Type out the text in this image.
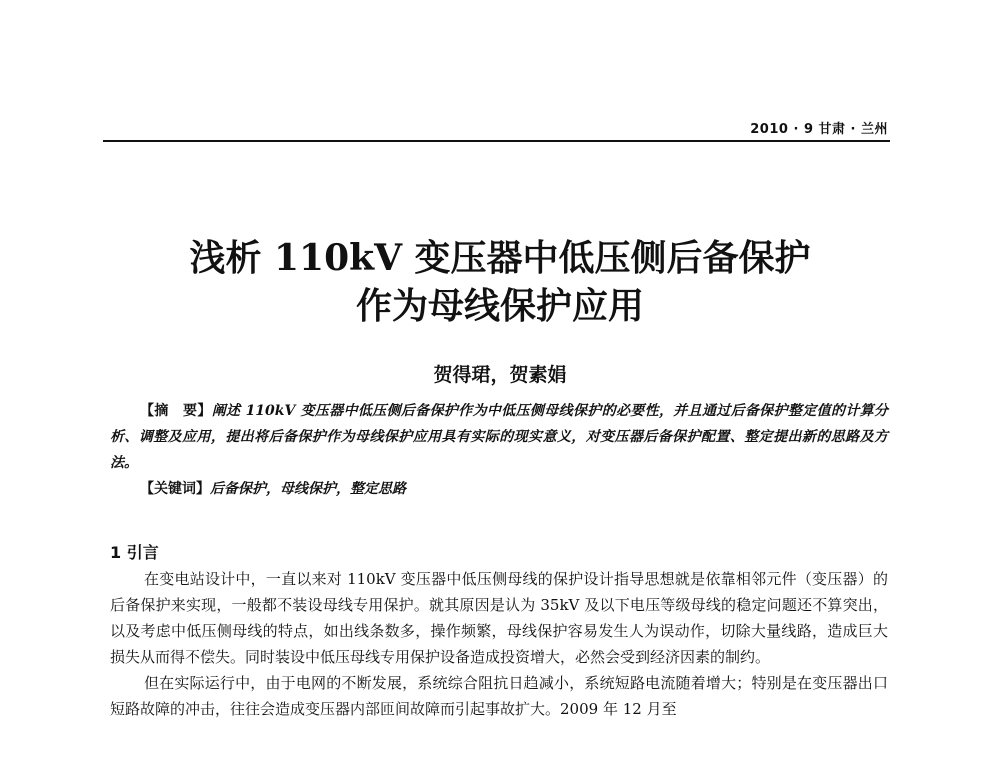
2010 · 9 甘肃 · 兰州
浅析 110kV 变压器中低压侧后备保护
作为母线保护应用
贺得珺，贺素娟

【摘　要】阐述 110kV 变压器中低压侧后备保护作为中低压侧母线保护的必要性，并且通过后备保护整定值的计算分析、调整及应用，提出将后备保护作为母线保护应用具有实际的现实意义，对变压器后备保护配置、整定提出新的思路及方法。

【关键词】后备保护，母线保护，整定思路

1 引言

在变电站设计中，一直以来对 110kV 变压器中低压侧母线的保护设计指导思想就是依靠相邻元件（变压器）的后备保护来实现，一般都不装设母线专用保护。就其原因是认为 35kV 及以下电压等级母线的稳定问题还不算突出，以及考虑中低压侧母线的特点，如出线条数多，操作频繁，母线保护容易发生人为误动作，切除大量线路，造成巨大损失从而得不偿失。同时装设中低压母线专用保护设备造成投资增大，必然会受到经济因素的制约。

但在实际运行中，由于电网的不断发展，系统综合阻抗日趋减小，系统短路电流随着增大；特别是在变压器出口短路故障的冲击，往往会造成变压器内部匝间故障而引起事故扩大。2009 年 12 月至
